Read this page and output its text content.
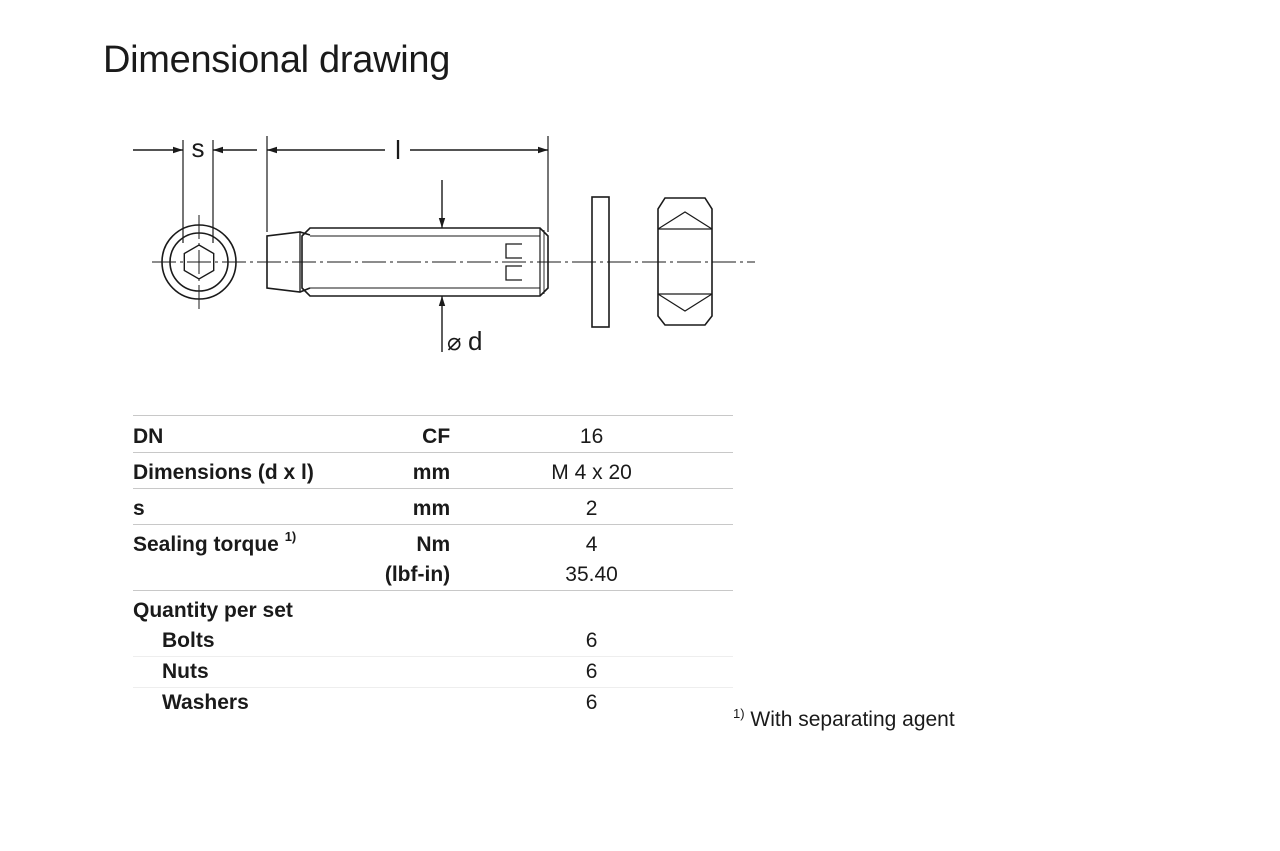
Dimensional drawing
s	l
⌀ d
DN	CF	16
Dimensions (d x l)	mm	M 4 x 20
s	mm	2
Sealing torque $^{1)}$	Nm	4
	(lbf-in)	35.40
Quantity per set		
Bolts		6
Nuts		6
Washers		6	$^{1)}$ With separating agent
